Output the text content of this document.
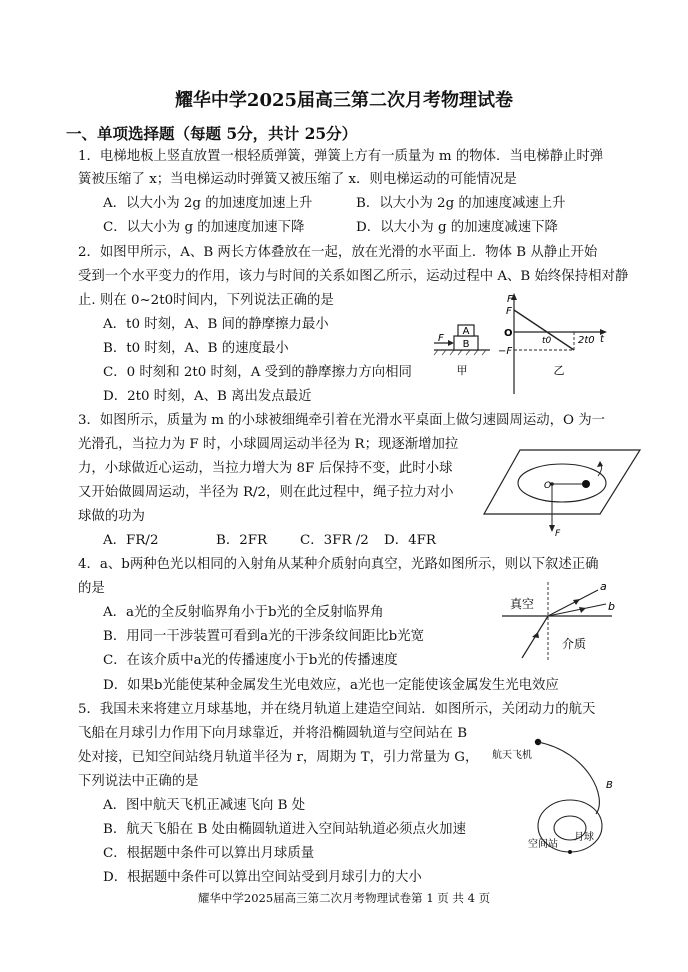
耀华中学2025届高三第二次月考物理试卷
一、单项选择题（每题 5分，共计 25分）
1．电梯地板上竖直放置一根轻质弹簧，弹簧上方有一质量为 m 的物体．当电梯静止时弹
簧被压缩了 x；当电梯运动时弹簧又被压缩了 x．则电梯运动的可能情况是
A．以大小为 2g 的加速度加速上升	B．以大小为 2g 的加速度减速上升
C．以大小为 g 的加速度加速下降	D．以大小为 g 的加速度减速下降
2．如图甲所示，A、B 两长方体叠放在一起，放在光滑的水平面上．物体 B 从静止开始
受到一个水平变力的作用，该力与时间的关系如图乙所示，运动过程中 A、B 始终保持相对静
止. 则在 0~2t0时间内，下列说法正确的是
A．t0 时刻，A、B 间的静摩擦力最小
B．t0 时刻，A、B 的速度最小
C．0 时刻和 2t0 时刻，A 受到的静摩擦力方向相同
D．2t0 时刻，A、B 离出发点最近
A
B
F
甲
F
F
O
−F
t0	2t0 t
乙
3．如图所示，质量为 m 的小球被细绳牵引着在光滑水平桌面上做匀速圆周运动，O 为一
光滑孔，当拉力为 F 时，小球圆周运动半径为 R；现逐渐增加拉
力，小球做近心运动，当拉力增大为 8F 后保持不变，此时小球
又开始做圆周运动，半径为 R/2，则在此过程中，绳子拉力对小
球做的功为
A．FR/2	B．2FR C．3FR /2 D．4FR
O
F
4．a、b两种色光以相同的入射角从某种介质射向真空，光路如图所示，则以下叙述正确
的是
A．a光的全反射临界角小于b光的全反射临界角
B．用同一干涉装置可看到a光的干涉条纹间距比b光宽
C．在该介质中a光的传播速度小于b光的传播速度
D．如果b光能使某种金属发生光电效应，a光也一定能使该金属发生光电效应
真空
介质
a
b
5．我国未来将建立月球基地，并在绕月轨道上建造空间站．如图所示，关闭动力的航天
飞船在月球引力作用下向月球靠近，并将沿椭圆轨道与空间站在 B
处对接，已知空间站绕月轨道半径为 r，周期为 T，引力常量为 G，
下列说法中正确的是
A．图中航天飞机正减速飞向 B 处
B．航天飞船在 B 处由椭圆轨道进入空间站轨道必须点火加速
C．根据题中条件可以算出月球质量
D．根据题中条件可以算出空间站受到月球引力的大小
航天飞机
B
月球
空间站
耀华中学2025届高三第二次月考物理试卷第 1 页 共 4 页
